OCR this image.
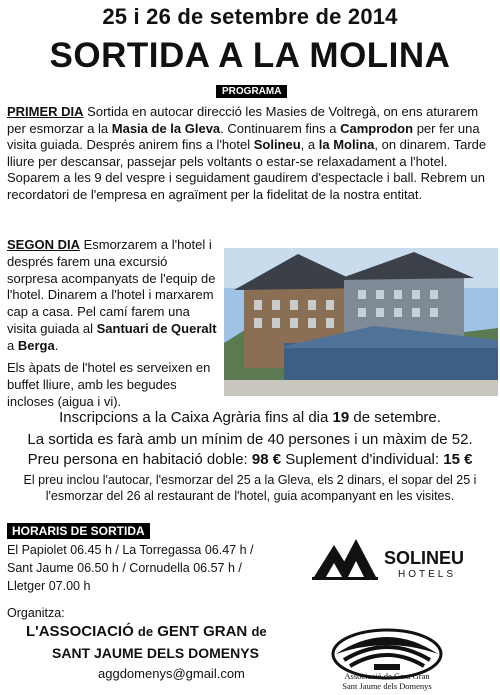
25 i 26 de setembre de 2014
SORTIDA A LA MOLINA
PROGRAMA
PRIMER DIA Sortida en autocar direcció les Masies de Voltregà, on ens aturarem per esmorzar a la Masia de la Gleva. Continuarem fins a Camprodon per fer una visita guiada. Després anirem fins a l'hotel Solineu, a la Molina, on dinarem. Tarde lliure per descansar, passejar pels voltants o estar-se relaxadament a l'hotel. Soparem a les 9 del vespre i seguidament gaudirem d'espectacle i ball. Rebrem un recordatori de l'empresa en agraïment per la fidelitat de la nostra entitat.
SEGON DIA Esmorzarem a l'hotel i després farem una excursió sorpresa acompanyats de l'equip de l'hotel. Dinarem a l'hotel i marxarem cap a casa. Pel camí farem una visita guiada al Santuari de Queralt a Berga.
Els àpats de l'hotel es serveixen en buffet lliure, amb les begudes incloses (aigua i vi).
Inscripcions a la Caixa Agrària fins al dia 19 de setembre.
La sortida es farà amb un mínim de 40 persones i un màxim de 52.
Preu persona en habitació doble: 98 € Suplement d'individual: 15 €
El preu inclou l'autocar, l'esmorzar del 25 a la Gleva, els 2 dinars, el sopar del 25 i l'esmorzar del 26 al restaurant de l'hotel, guia acompanyant en les visites.
HORARIS DE SORTIDA
El Papiolet 06.45 h / La Torregassa 06.47 h /
Sant Jaume 06.50 h / Cornudella 06.57 h /
Lletger 07.00 h
SOLINEU
HOTELS
Organitza:
L'ASSOCIACIÓ de GENT GRAN de
SANT JAUME DELS DOMENYS
aggdomenys@gmail.com	Associació de Gent Gran
Sant Jaume dels Domenys
